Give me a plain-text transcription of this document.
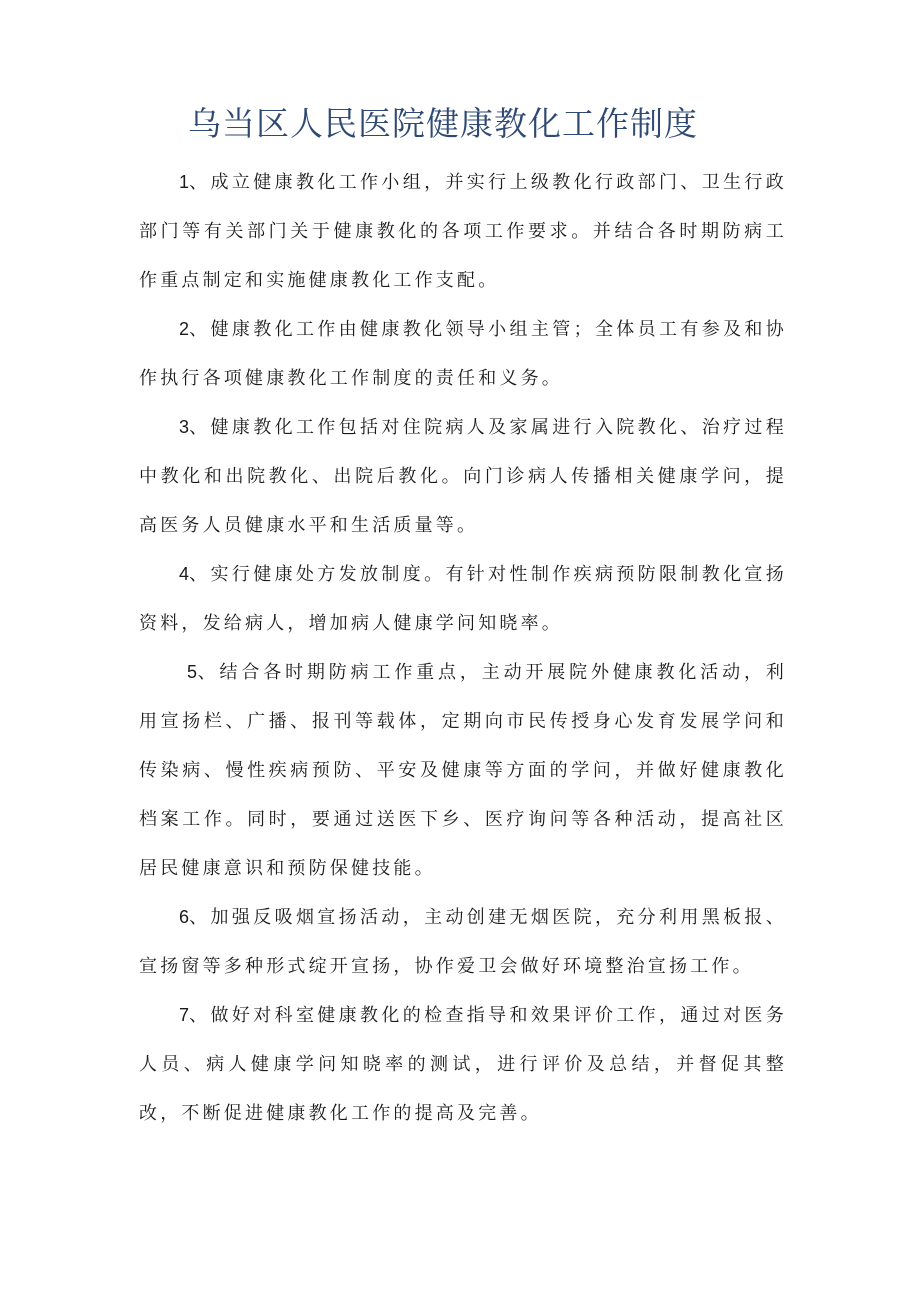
乌当区人民医院健康教化工作制度

1、成立健康教化工作小组，并实行上级教化行政部门、卫生行政部门等有关部门关于健康教化的各项工作要求。并结合各时期防病工作重点制定和实施健康教化工作支配。

2、健康教化工作由健康教化领导小组主管；全体员工有参及和协作执行各项健康教化工作制度的责任和义务。

3、健康教化工作包括对住院病人及家属进行入院教化、治疗过程中教化和出院教化、出院后教化。向门诊病人传播相关健康学问，提高医务人员健康水平和生活质量等。

4、实行健康处方发放制度。有针对性制作疾病预防限制教化宣扬资料，发给病人，增加病人健康学问知晓率。

5、结合各时期防病工作重点，主动开展院外健康教化活动，利用宣扬栏、广播、报刊等载体，定期向市民传授身心发育发展学问和传染病、慢性疾病预防、平安及健康等方面的学问，并做好健康教化档案工作。同时，要通过送医下乡、医疗询问等各种活动，提高社区居民健康意识和预防保健技能。

6、加强反吸烟宣扬活动，主动创建无烟医院，充分利用黑板报、宣扬窗等多种形式绽开宣扬，协作爱卫会做好环境整治宣扬工作。

7、做好对科室健康教化的检查指导和效果评价工作，通过对医务人员、病人健康学问知晓率的测试，进行评价及总结，并督促其整改，不断促进健康教化工作的提高及完善。
